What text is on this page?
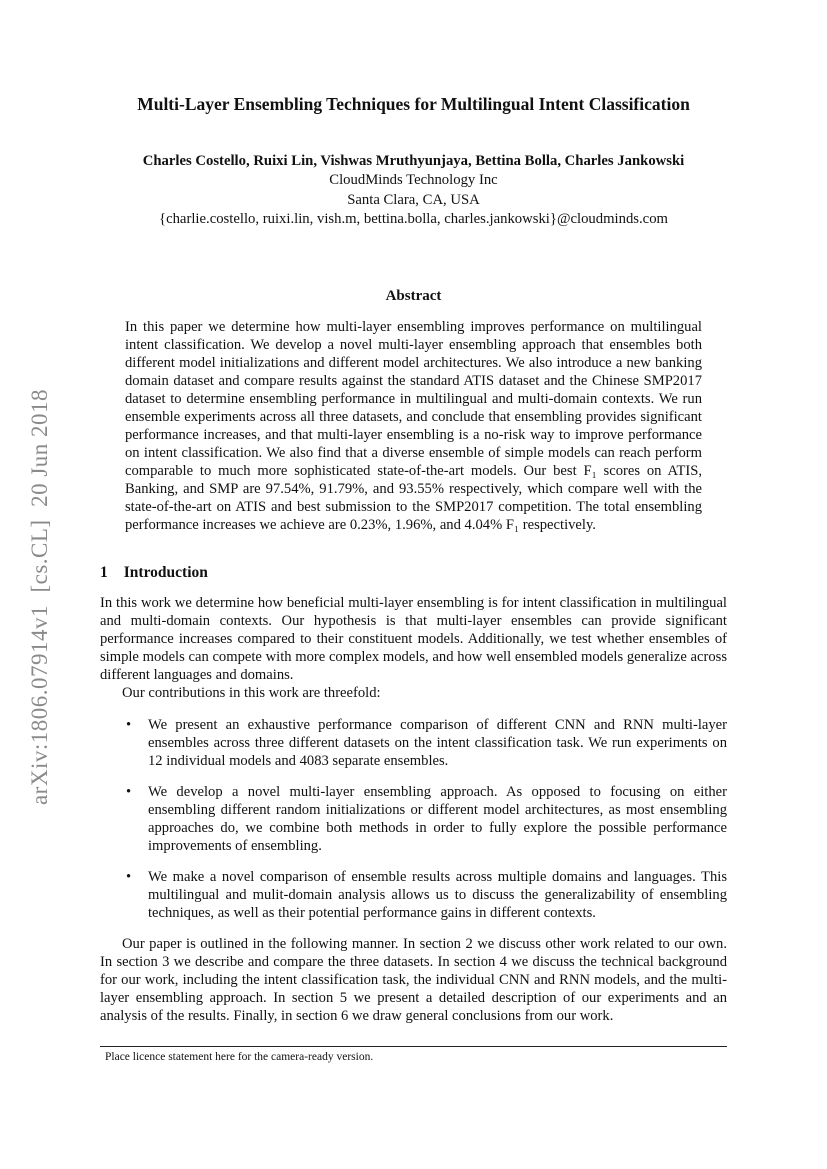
arXiv:1806.07914v1  [cs.CL]  20 Jun 2018
Multi-Layer Ensembling Techniques for Multilingual Intent Classification
Charles Costello, Ruixi Lin, Vishwas Mruthyunjaya, Bettina Bolla, Charles Jankowski
CloudMinds Technology Inc
Santa Clara, CA, USA
{charlie.costello, ruixi.lin, vish.m, bettina.bolla, charles.jankowski}@cloudminds.com
Abstract

In this paper we determine how multi-layer ensembling improves performance on multilingual intent classification. We develop a novel multi-layer ensembling approach that ensembles both different model initializations and different model architectures. We also introduce a new banking domain dataset and compare results against the standard ATIS dataset and the Chinese SMP2017 dataset to determine ensembling performance in multilingual and multi-domain contexts. We run ensemble experiments across all three datasets, and conclude that ensembling provides significant performance increases, and that multi-layer ensembling is a no-risk way to improve performance on intent classification. We also find that a diverse ensemble of simple models can reach perform comparable to much more sophisticated state-of-the-art models. Our best F₁ scores on ATIS, Banking, and SMP are 97.54%, 91.79%, and 93.55% respectively, which compare well with the state-of-the-art on ATIS and best submission to the SMP2017 competition. The total ensembling performance increases we achieve are 0.23%, 1.96%, and 4.04% F₁ respectively.

1 Introduction

In this work we determine how beneficial multi-layer ensembling is for intent classification in multilingual and multi-domain contexts. Our hypothesis is that multi-layer ensembles can provide significant performance increases compared to their constituent models. Additionally, we test whether ensembles of simple models can compete with more complex models, and how well ensembled models generalize across different languages and domains.

Our contributions in this work are threefold:

• We present an exhaustive performance comparison of different CNN and RNN multi-layer ensembles across three different datasets on the intent classification task. We run experiments on 12 individual models and 4083 separate ensembles.
• We develop a novel multi-layer ensembling approach. As opposed to focusing on either ensembling different random initializations or different model architectures, as most ensembling approaches do, we combine both methods in order to fully explore the possible performance improvements of ensembling.
• We make a novel comparison of ensemble results across multiple domains and languages. This multilingual and mulit-domain analysis allows us to discuss the generalizability of ensembling techniques, as well as their potential performance gains in different contexts.

Our paper is outlined in the following manner. In section 2 we discuss other work related to our own. In section 3 we describe and compare the three datasets. In section 4 we discuss the technical background for our work, including the intent classification task, the individual CNN and RNN models, and the multi-layer ensembling approach. In section 5 we present a detailed description of our experiments and an analysis of the results. Finally, in section 6 we draw general conclusions from our work.

Place licence statement here for the camera-ready version.
